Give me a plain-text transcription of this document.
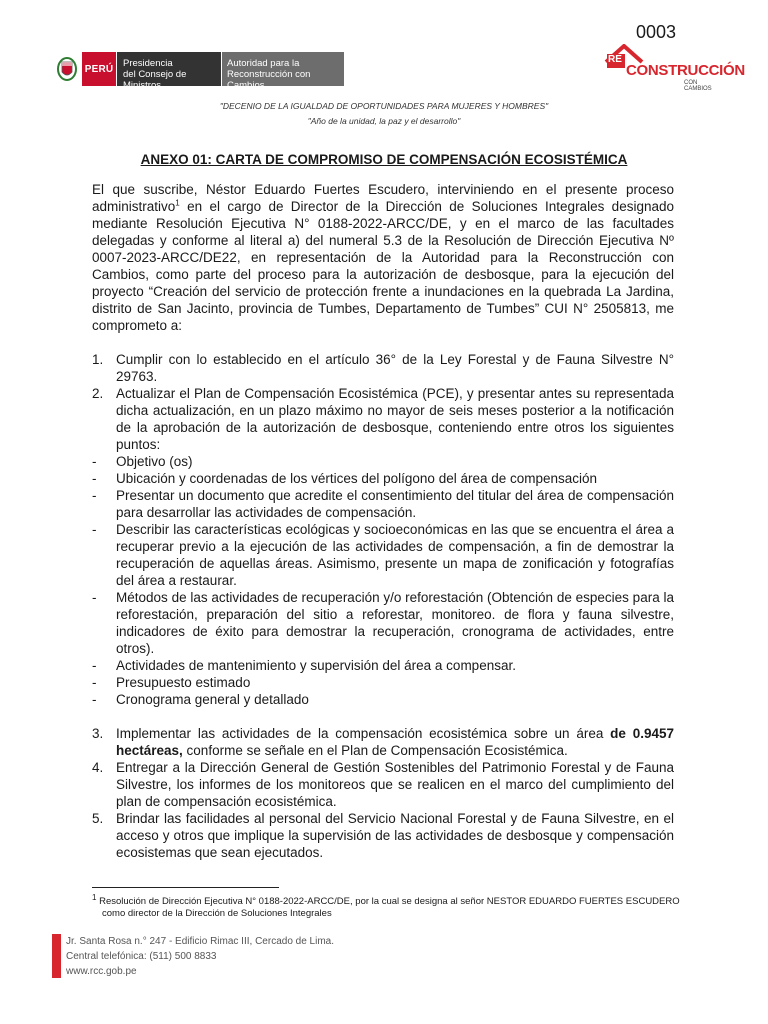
0003
PERÚ Presidencia
del Consejo de Ministros
Autoridad para la
Reconstrucción con Cambios
RE
CONSTRUCCIÓN
CON CAMBIOS
"DECENIO DE LA IGUALDAD DE OPORTUNIDADES PARA MUJERES Y HOMBRES"
"Año de la unidad, la paz y el desarrollo"
ANEXO 01: CARTA DE COMPROMISO DE COMPENSACIÓN ECOSISTÉMICA

El que suscribe, Néstor Eduardo Fuertes Escudero, interviniendo en el presente proceso administrativo$^1$ en el cargo de Director de la Dirección de Soluciones Integrales designado mediante Resolución Ejecutiva N° 0188-2022-ARCC/DE, y en el marco de las facultades delegadas y conforme al literal a) del numeral 5.3 de la Resolución de Dirección Ejecutiva Nº 0007-2023-ARCC/DE22, en representación de la Autoridad para la Reconstrucción con Cambios, como parte del proceso para la autorización de desbosque, para la ejecución del proyecto “Creación del servicio de protección frente a inundaciones en la quebrada La Jardina, distrito de San Jacinto, provincia de Tumbes, Departamento de Tumbes” CUI N° 2505813, me comprometo a:

1. Cumplir con lo establecido en el artículo 36° de la Ley Forestal y de Fauna Silvestre N° 29763.
2. Actualizar el Plan de Compensación Ecosistémica (PCE), y presentar antes su representada dicha actualización, en un plazo máximo no mayor de seis meses posterior a la notificación de la aprobación de la autorización de desbosque, conteniendo entre otros los siguientes puntos:
-	Objetivo (os)
-	Ubicación y coordenadas de los vértices del polígono del área de compensación
-	Presentar un documento que acredite el consentimiento del titular del área de compensación para desarrollar las actividades de compensación.
-	Describir las características ecológicas y socioeconómicas en las que se encuentra el área a recuperar previo a la ejecución de las actividades de compensación, a fin de demostrar la recuperación de aquellas áreas. Asimismo, presente un mapa de zonificación y fotografías del área a restaurar.
-	Métodos de las actividades de recuperación y/o reforestación (Obtención de especies para la reforestación, preparación del sitio a reforestar, monitoreo. de flora y fauna silvestre, indicadores de éxito para demostrar la recuperación, cronograma de actividades, entre otros).
-	Actividades de mantenimiento y supervisión del área a compensar.
-	Presupuesto estimado
-	Cronograma general y detallado
3. Implementar las actividades de la compensación ecosistémica sobre un área de 0.9457 hectáreas, conforme se señale en el Plan de Compensación Ecosistémica.
4. Entregar a la Dirección General de Gestión Sostenibles del Patrimonio Forestal y de Fauna Silvestre, los informes de los monitoreos que se realicen en el marco del cumplimiento del plan de compensación ecosistémica.
5. Brindar las facilidades al personal del Servicio Nacional Forestal y de Fauna Silvestre, en el acceso y otros que implique la supervisión de las actividades de desbosque y compensación ecosistemas que sean ejecutados.
$^1$ Resolución de Dirección Ejecutiva N° 0188-2022-ARCC/DE, por la cual se designa al señor NESTOR EDUARDO FUERTES ESCUDERO como director de la Dirección de Soluciones Integrales
Jr. Santa Rosa n.° 247 - Edificio Rimac III, Cercado de Lima.
Central telefónica: (511) 500 8833
www.rcc.gob.pe
